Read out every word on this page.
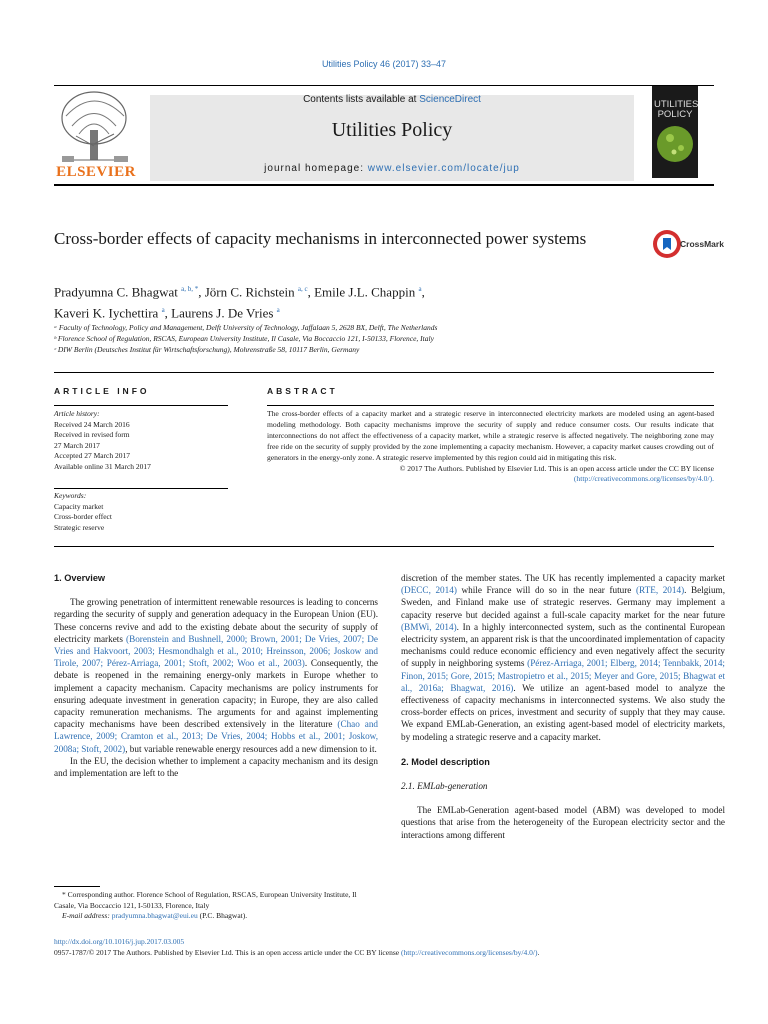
Utilities Policy 46 (2017) 33–47
ELSEVIER
Contents lists available at ScienceDirect
Utilities Policy
journal homepage: www.elsevier.com/locate/jup
UTILITIES POLICY
Cross-border effects of capacity mechanisms in interconnected power systems	CrossMark
Pradyumna C. Bhagwat $^{a, b, *}$, Jörn C. Richstein $^{a, c}$, Emile J.L. Chappin $^a$,
Kaveri K. Iychettira $^a$, Laurens J. De Vries $^a$
ᵃ Faculty of Technology, Policy and Management, Delft University of Technology, Jaffalaan 5, 2628 BX, Delft, The Netherlands
ᵇ Florence School of Regulation, RSCAS, European University Institute, Il Casale, Via Boccaccio 121, I-50133, Florence, Italy
ᶜ DIW Berlin (Deutsches Institut für Wirtschaftsforschung), Mohrenstraße 58, 10117 Berlin, Germany
ARTICLE INFO
Article history:
Received 24 March 2016
Received in revised form
27 March 2017
Accepted 27 March 2017
Available online 31 March 2017
Keywords:
Capacity market
Cross-border effect
Strategic reserve
ABSTRACT

The cross-border effects of a capacity market and a strategic reserve in interconnected electricity markets are modeled using an agent-based modeling methodology. Both capacity mechanisms improve the security of supply and reduce consumer costs. Our results indicate that interconnections do not affect the effectiveness of a capacity market, while a strategic reserve is affected negatively. The neighboring zone may free ride on the security of supply provided by the zone implementing a capacity mechanism. However, a capacity market causes crowding out of generators in the energy-only zone. A strategic reserve implemented by this region could aid in mitigating this risk.

© 2017 The Authors. Published by Elsevier Ltd. This is an open access article under the CC BY license (http://creativecommons.org/licenses/by/4.0/).

1. Overview

The growing penetration of intermittent renewable resources is leading to concerns regarding the security of supply and generation adequacy in the European Union (EU). These concerns revive and add to the existing debate about the security of supply of electricity markets (Borenstein and Bushnell, 2000; Brown, 2001; De Vries, 2007; De Vries and Hakvoort, 2003; Hesmondhalgh et al., 2010; Hreinsson, 2006; Joskow and Tirole, 2007; Pérez-Arriaga, 2001; Stoft, 2002; Woo et al., 2003). Consequently, the debate is reopened in the remaining energy-only markets in Europe whether to implement a capacity mechanism. Capacity mechanisms are policy instruments for ensuring adequate investment in generation capacity; in Europe, they are also called capacity remuneration mechanisms. The arguments for and against implementing capacity mechanisms have been described extensively in the literature (Chao and Lawrence, 2009; Cramton et al., 2013; De Vries, 2004; Hobbs et al., 2001; Joskow, 2008a; Stoft, 2002), but variable renewable energy resources add a new dimension to it.

In the EU, the decision whether to implement a capacity mechanism and its design and implementation are left to the

discretion of the member states. The UK has recently implemented a capacity market (DECC, 2014) while France will do so in the near future (RTE, 2014). Belgium, Sweden, and Finland make use of strategic reserves. Germany may implement a capacity reserve but decided against a full-scale capacity market for the near future (BMWi, 2014). In a highly interconnected system, such as the continental European electricity system, an apparent risk is that the uncoordinated implementation of capacity mechanisms could reduce economic efficiency and even negatively affect the security of supply in neighboring systems (Pérez-Arriaga, 2001; Elberg, 2014; Tennbakk, 2014; Finon, 2015; Gore, 2015; Mastropietro et al., 2015; Meyer and Gore, 2015; Bhagwat et al., 2016a; Bhagwat, 2016). We utilize an agent-based model to analyze the effectiveness of capacity mechanisms in interconnected systems. We also study the cross-border effects on prices, investment and security of supply that they may cause. We expand EMLab-Generation, an existing agent-based model of electricity markets, by modeling a strategic reserve and a capacity market.

2. Model description
2.1. EMLab-generation

The EMLab-Generation agent-based model (ABM) was developed to model questions that arise from the heterogeneity of the European electricity sector and the interactions among different

* Corresponding author. Florence School of Regulation, RSCAS, European University Institute, Il Casale, Via Boccaccio 121, I-50133, Florence, Italy
E-mail address: pradyumna.bhagwat@eui.eu (P.C. Bhagwat).
http://dx.doi.org/10.1016/j.jup.2017.03.005
0957-1787/© 2017 The Authors. Published by Elsevier Ltd. This is an open access article under the CC BY license (http://creativecommons.org/licenses/by/4.0/).
